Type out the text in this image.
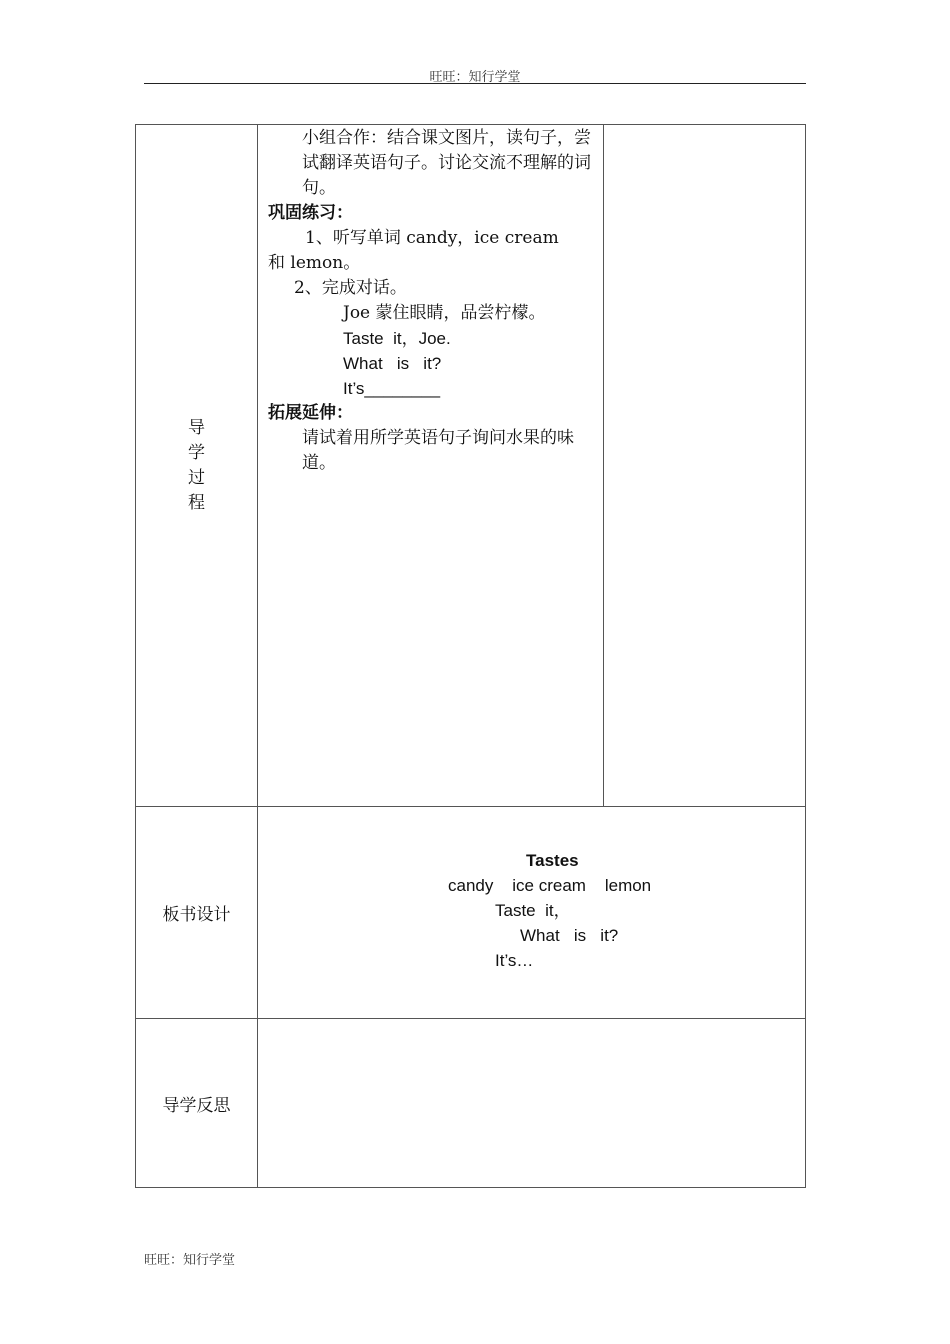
旺旺：知行学堂
导
学
过
程

小组合作：结合课文图片，读句子，尝试翻译英语句子。讨论交流不理解的词句。

巩固练习：

1、听写单词 candy，ice cream

和 lemon。

2、完成对话。

Joe 蒙住眼睛，品尝柠檬。

Taste  it，Joe.

What   is   it?

It’s________

拓展延伸：

请试着用所学英语句子询问水果的味道。

板书设计
Tastes
candy    ice cream    lemon
Taste  it，
What   is   it?
It’s…
导学反思
旺旺：知行学堂
